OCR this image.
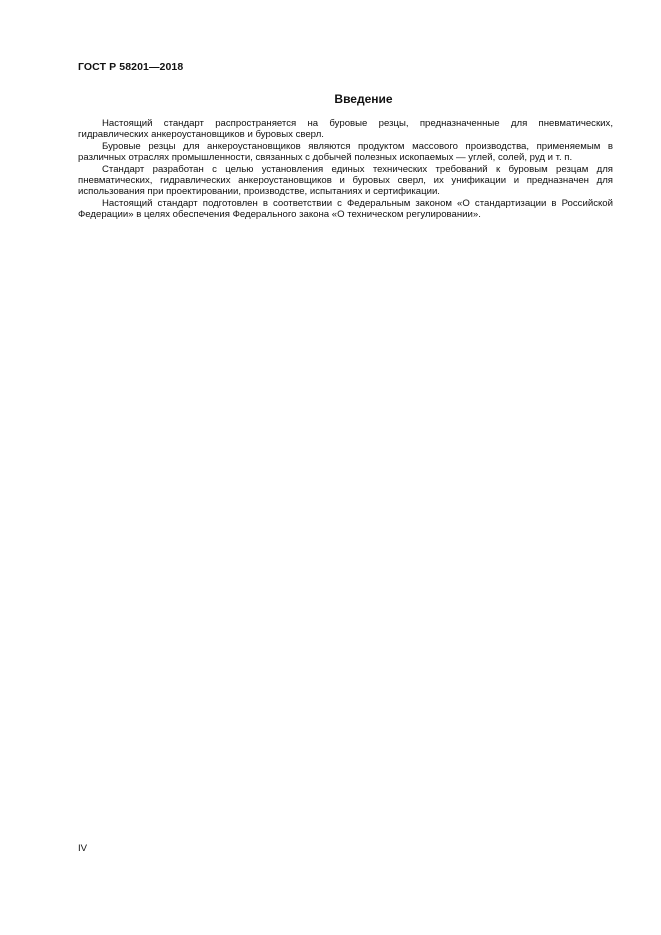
ГОСТ Р 58201—2018
Введение

Настоящий стандарт распространяется на буровые резцы, предназначенные для пневматических, гидравлических анкероустановщиков и буровых сверл.

Буровые резцы для анкероустановщиков являются продуктом массового производства, применяемым в различных отраслях промышленности, связанных с добычей полезных ископаемых — углей, солей, руд и т. п.

Стандарт разработан с целью установления единых технических требований к буровым резцам для пневматических, гидравлических анкероустановщиков и буровых сверл, их унификации и предназначен для использования при проектировании, производстве, испытаниях и сертификации.

Настоящий стандарт подготовлен в соответствии с Федеральным законом «О стандартизации в Российской Федерации» в целях обеспечения Федерального закона «О техническом регулировании».

IV
